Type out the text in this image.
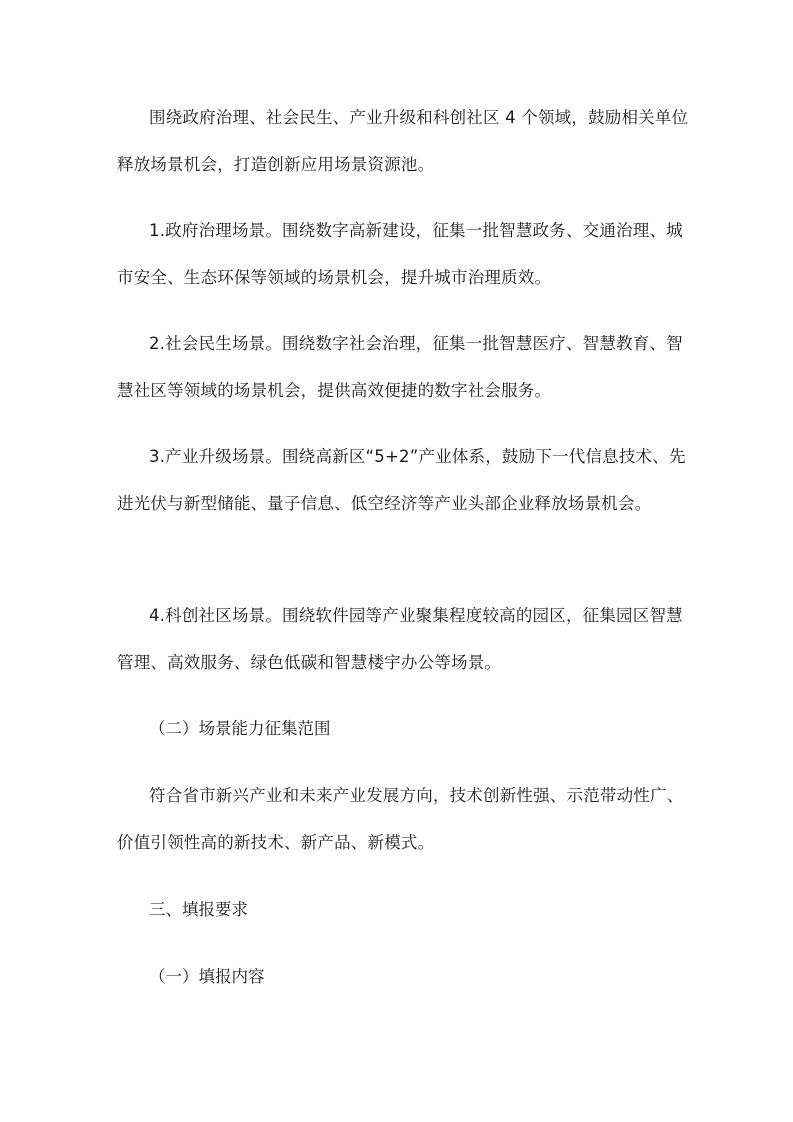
围绕政府治理、社会民生、产业升级和科创社区 4 个领域，鼓励相关单位释放场景机会，打造创新应用场景资源池。

1.政府治理场景。围绕数字高新建设，征集一批智慧政务、交通治理、城市安全、生态环保等领域的场景机会，提升城市治理质效。

2.社会民生场景。围绕数字社会治理，征集一批智慧医疗、智慧教育、智慧社区等领域的场景机会，提供高效便捷的数字社会服务。

3.产业升级场景。围绕高新区“5+2”产业体系，鼓励下一代信息技术、先进光伏与新型储能、量子信息、低空经济等产业头部企业释放场景机会。

4.科创社区场景。围绕软件园等产业聚集程度较高的园区，征集园区智慧管理、高效服务、绿色低碳和智慧楼宇办公等场景。

（二）场景能力征集范围

符合省市新兴产业和未来产业发展方向，技术创新性强、示范带动性广、价值引领性高的新技术、新产品、新模式。

三、填报要求

（一）填报内容
